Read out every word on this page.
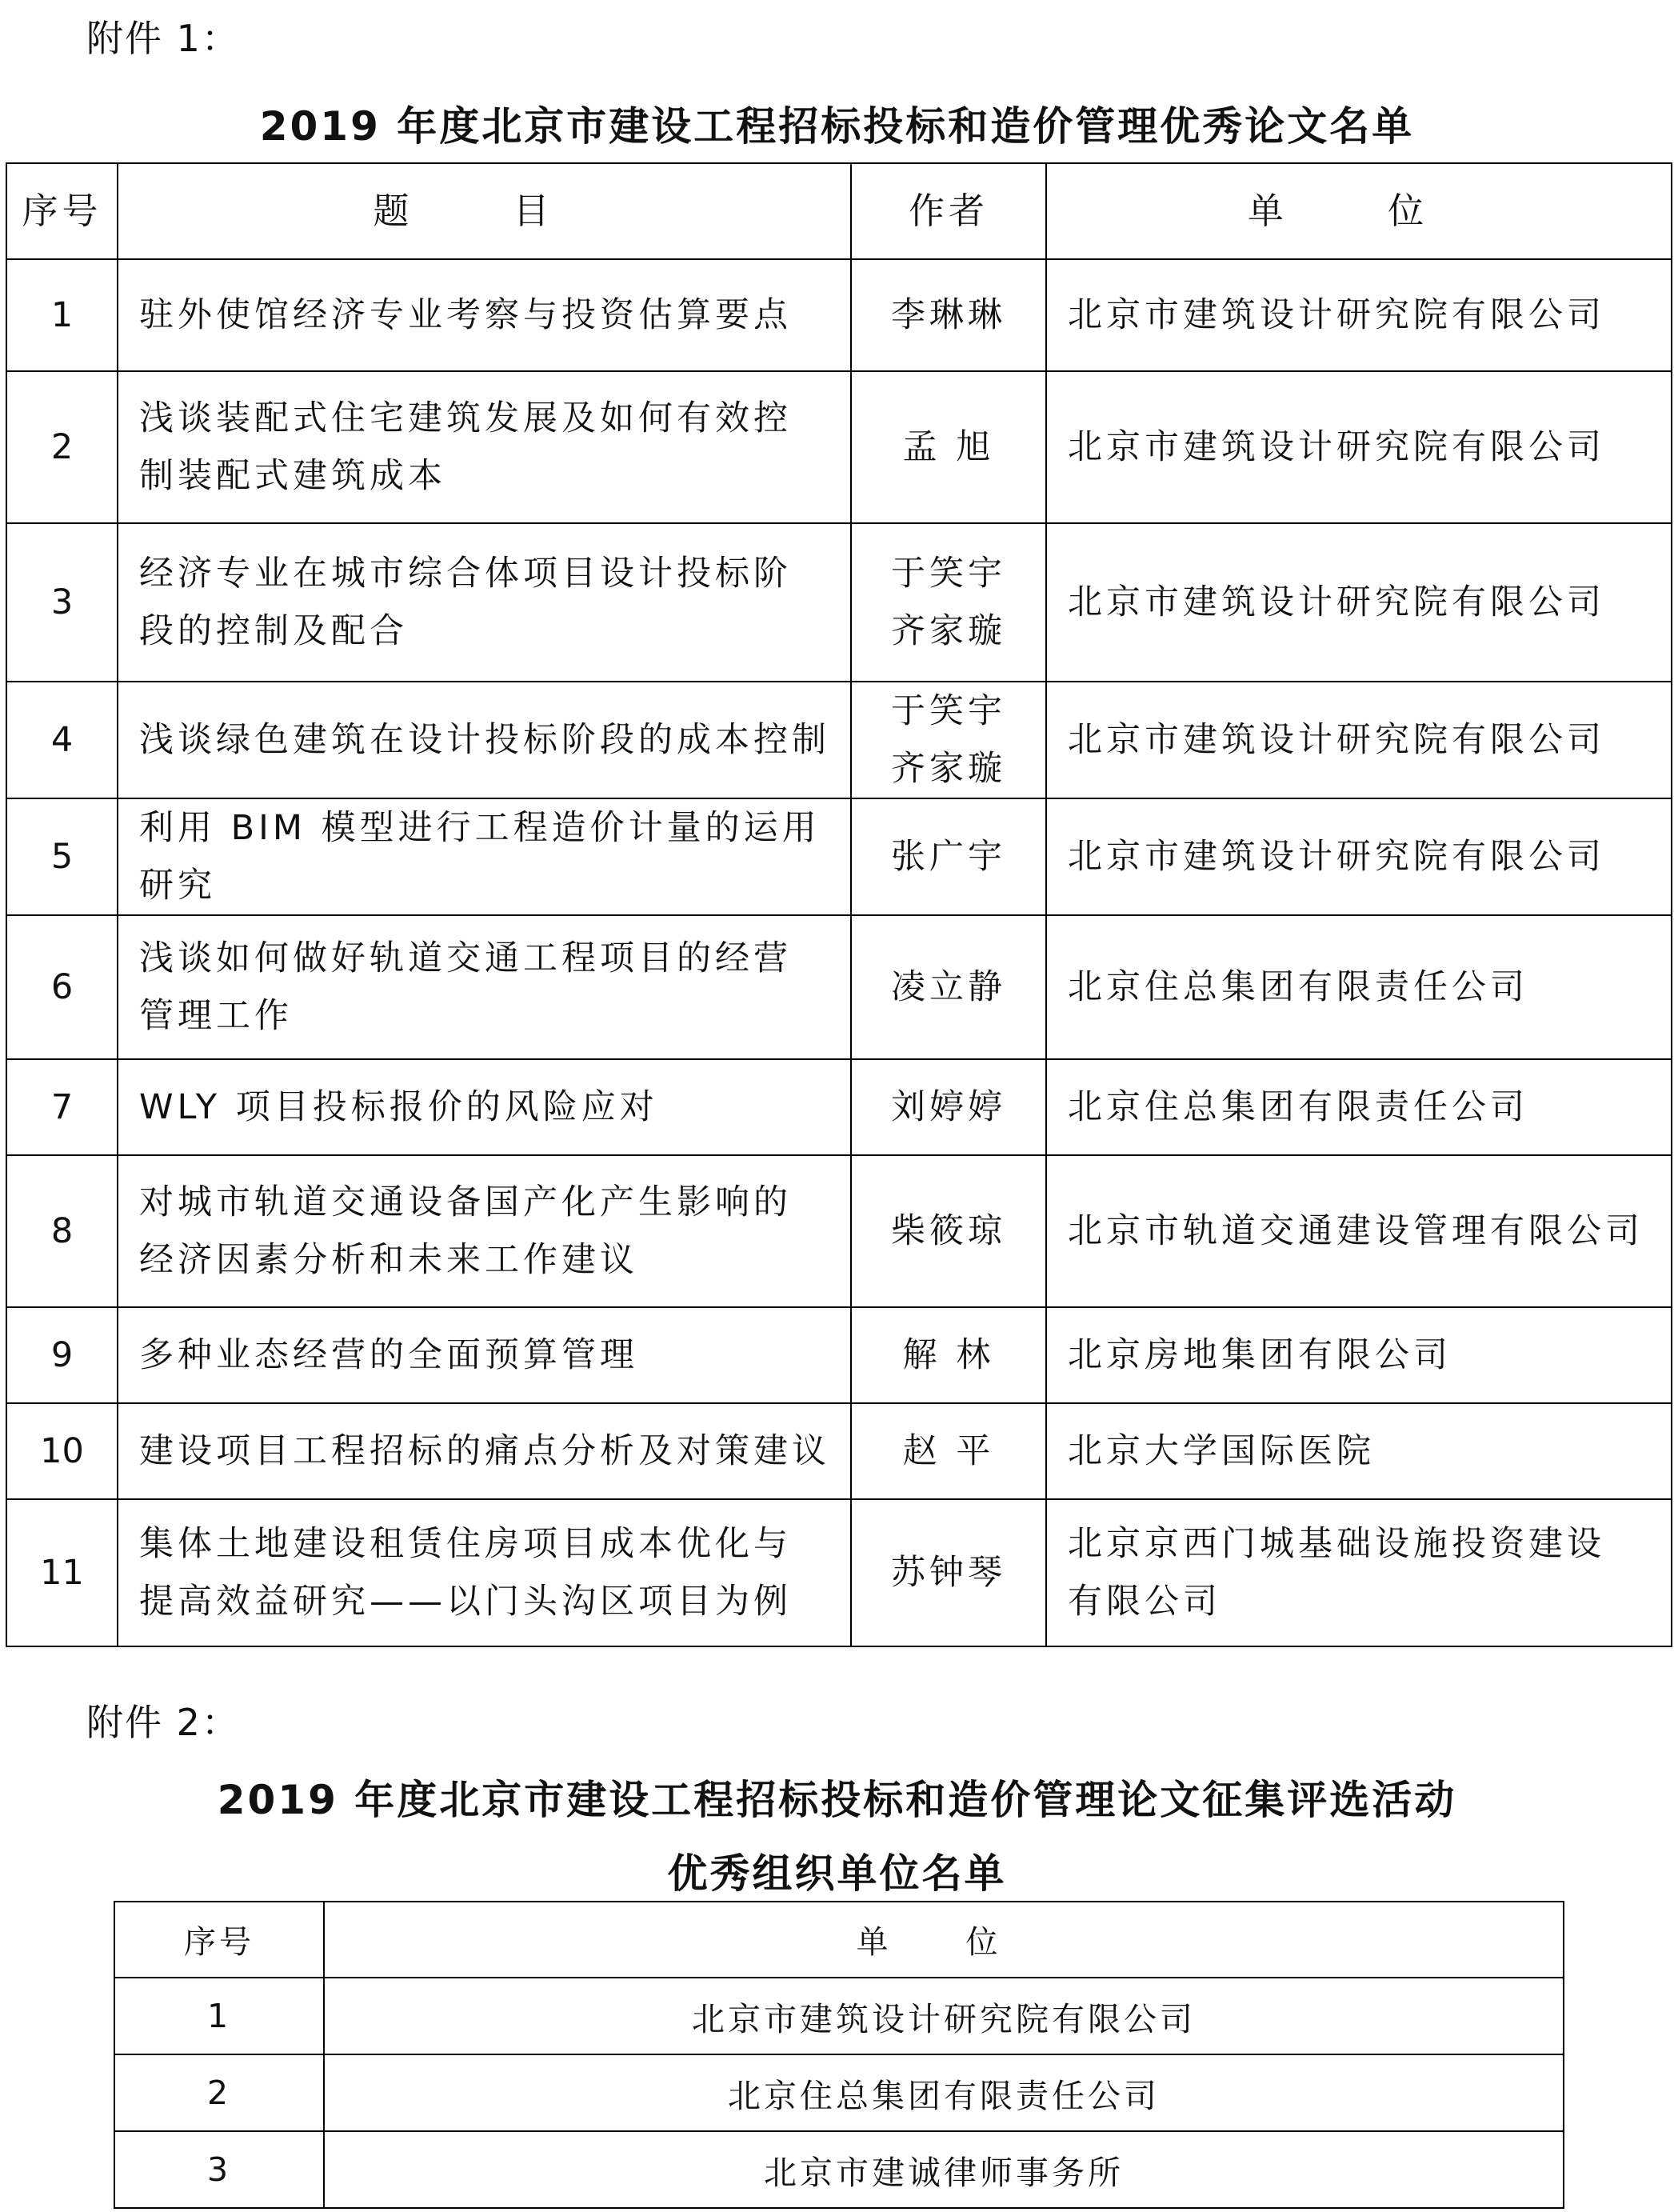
附件 1：
2019 年度北京市建设工程招标投标和造价管理优秀论文名单
序号	题 目	作者	单 位
1	驻外使馆经济专业考察与投资估算要点	李琳琳	北京市建筑设计研究院有限公司

2	浅谈装配式住宅建筑发展及如何有效控
制装配式建筑成本	孟 旭	北京市建筑设计研究院有限公司

3	经济专业在城市综合体项目设计投标阶
段的控制及配合	于笑宇
齐家璇	北京市建筑设计研究院有限公司

4	浅谈绿色建筑在设计投标阶段的成本控制	于笑宇
齐家璇	北京市建筑设计研究院有限公司

5	利用 BIM 模型进行工程造价计量的运用
研究	张广宇	北京市建筑设计研究院有限公司

6	浅谈如何做好轨道交通工程项目的经营
管理工作	凌立静	北京住总集团有限责任公司

7	WLY 项目投标报价的风险应对	刘婷婷	北京住总集团有限责任公司

8	对城市轨道交通设备国产化产生影响的
经济因素分析和未来工作建议	柴筱琼	北京市轨道交通建设管理有限公司

9	多种业态经营的全面预算管理	解 林	北京房地集团有限公司

10	建设项目工程招标的痛点分析及对策建议	赵 平	北京大学国际医院

11	集体土地建设租赁住房项目成本优化与
提高效益研究——以门头沟区项目为例	苏钟琴	北京京西门城基础设施投资建设
有限公司
附件 2：
2019 年度北京市建设工程招标投标和造价管理论文征集评选活动
优秀组织单位名单
序号	单 位
1	北京市建筑设计研究院有限公司
2	北京住总集团有限责任公司
3	北京市建诚律师事务所
